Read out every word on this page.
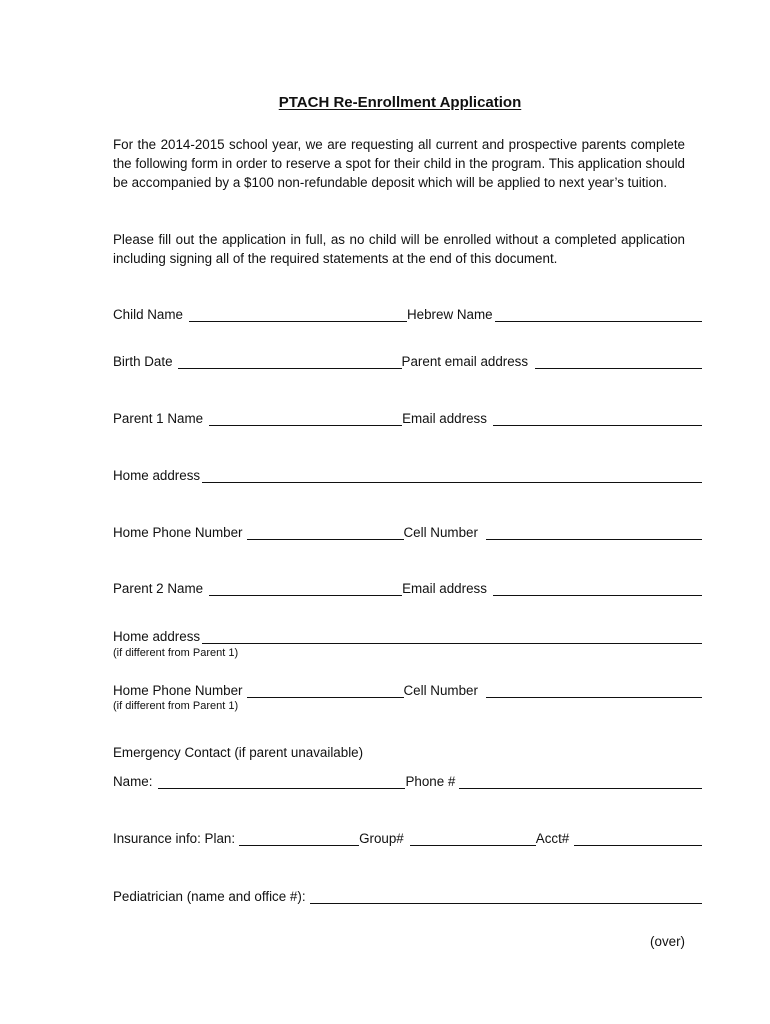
PTACH Re-Enrollment Application
For the 2014-2015 school year, we are requesting all current and prospective parents complete the following form in order to reserve a spot for their child in the program. This application should be accompanied by a $100 non-refundable deposit which will be applied to next year’s tuition.
Please fill out the application in full, as no child will be enrolled without a completed application including signing all of the required statements at the end of this document.
Child Name	Hebrew Name
Birth Date	Parent email address
Parent 1 Name	Email address
Home address
Home Phone Number	Cell Number
Parent 2 Name	Email address
Home address
(if different from Parent 1)
Home Phone Number	Cell Number
(if different from Parent 1)
Emergency Contact (if parent unavailable)
Name:	Phone #
Insurance info: Plan:	Group#	Acct#
Pediatrician (name and office #):
(over)
